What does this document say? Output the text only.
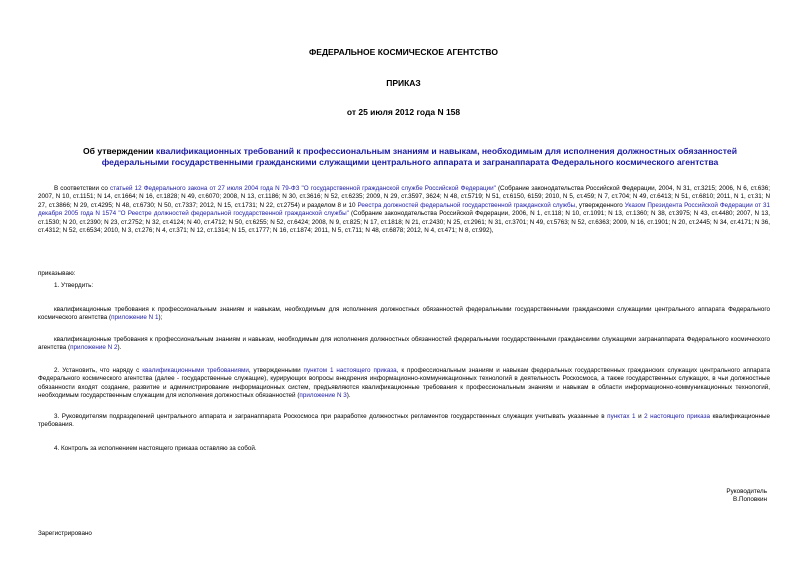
ФЕДЕРАЛЬНОЕ КОСМИЧЕСКОЕ АГЕНТСТВО
ПРИКАЗ
от 25 июля 2012 года N 158
Об утверждении квалификационных требований к профессиональным знаниям и навыкам, необходимым для исполнения должностных обязанностей федеральными государственными гражданскими служащими центрального аппарата и загранаппарата Федерального космического агентства
В соответствии со статьей 12 Федерального закона от 27 июля 2004 года N 79-ФЗ "О государственной гражданской службе Российской Федерации" (Собрание законодательства Российской Федерации, 2004, N 31, ст.3215; 2006, N 6, ст.636; 2007, N 10, ст.1151; N 14, ст.1664; N 16, ст.1828; N 49, ст.6070; 2008, N 13, ст.1186; N 30, ст.3616; N 52, ст.6235; 2009, N 29, ст.3597, 3624; N 48, ст.5719; N 51, ст.6150, 6159; 2010, N 5, ст.459; N 7, ст.704; N 49, ст.6413; N 51, ст.6810; 2011, N 1, ст.31; N 27, ст.3866; N 29, ст.4295; N 48, ст.6730; N 50, ст.7337; 2012, N 15, ст.1731; N 22, ст.2754) и разделом 8 и 10 Реестра должностей федеральной государственной гражданской службы, утвержденного Указом Президента Российской Федерации от 31 декабря 2005 года N 1574 "О Реестре должностей федеральной государственной гражданской службы" (Собрание законодательства Российской Федерации, 2006, N 1, ст.118; N 10, ст.1091; N 13, ст.1360; N 38, ст.3975; N 43, ст.4480; 2007, N 13, ст.1530; N 20, ст.2390; N 23, ст.2752; N 32, ст.4124; N 40, ст.4712; N 50, ст.6255; N 52, ст.6424; 2008, N 9, ст.825; N 17, ст.1818; N 21, ст.2430; N 25, ст.2961; N 31, ст.3701; N 49, ст.5763; N 52, ст.6363; 2009, N 16, ст.1901; N 20, ст.2445; N 34, ст.4171; N 36, ст.4312; N 52, ст.6534; 2010, N 3, ст.276; N 4, ст.371; N 12, ст.1314; N 15, ст.1777; N 16, ст.1874; 2011, N 5, ст.711; N 48, ст.6878; 2012, N 4, ст.471; N 8, ст.992),
приказываю:
1. Утвердить:
квалификационные требования к профессиональным знаниям и навыкам, необходимым для исполнения должностных обязанностей федеральными государственными гражданскими служащими центрального аппарата Федерального космического агентства (приложение N 1);
квалификационные требования к профессиональным знаниям и навыкам, необходимым для исполнения должностных обязанностей федеральными государственными гражданскими служащими загранаппарата Федерального космического агентства (приложение N 2).
2. Установить, что наряду с квалификационными требованиями, утвержденными пунктом 1 настоящего приказа, к профессиональным знаниям и навыкам федеральных государственных гражданских служащих центрального аппарата Федерального космического агентства (далее - государственные служащие), курирующих вопросы внедрения информационно-коммуникационных технологий в деятельность Роскосмоса, а также государственных служащих, в чьи должностные обязанности входят создание, развитие и администрирование информационных систем, предъявляются квалификационные требования к профессиональным знаниям и навыкам в области информационно-коммуникационных технологий, необходимым государственным служащим для исполнения должностных обязанностей (приложение N 3).
3. Руководителям подразделений центрального аппарата и загранаппарата Роскосмоса при разработке должностных регламентов государственных служащих учитывать указанные в пунктах 1 и 2 настоящего приказа квалификационные требования.
4. Контроль за исполнением настоящего приказа оставляю за собой.
Руководитель
В.Поповкин
Зарегистрировано
